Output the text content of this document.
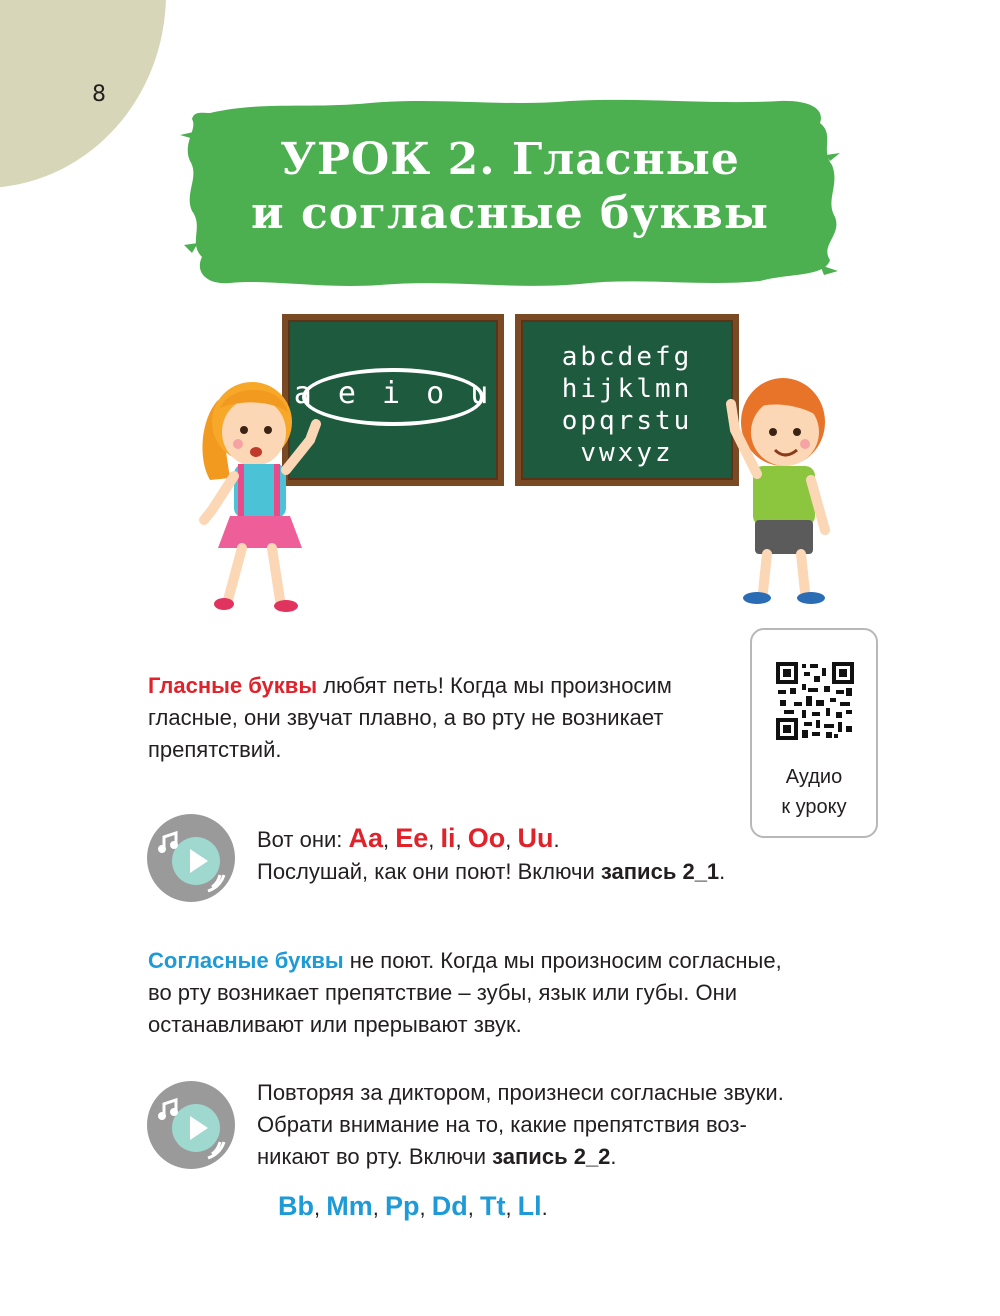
8
УРОК 2. Гласные
и согласные буквы
a e i o u
abcdefg
hijklmn
opqrstu
vwxyz
Аудио
к уроку
Гласные буквы любят петь! Когда мы произносим
гласные, они звучат плавно, а во рту не возникает
препятствий.
Вот они: Aa, Ee, Ii, Oo, Uu.
Послушай, как они поют! Включи запись 2_1.
Согласные буквы не поют. Когда мы произносим согласные,
во рту возникает препятствие – зубы, язык или губы. Они
останавливают или прерывают звук.
Повторяя за диктором, произнеси согласные звуки.
Обрати внимание на то, какие препятствия воз-
никают во рту. Включи запись 2_2.
Bb, Mm, Pp, Dd, Tt, Ll.
